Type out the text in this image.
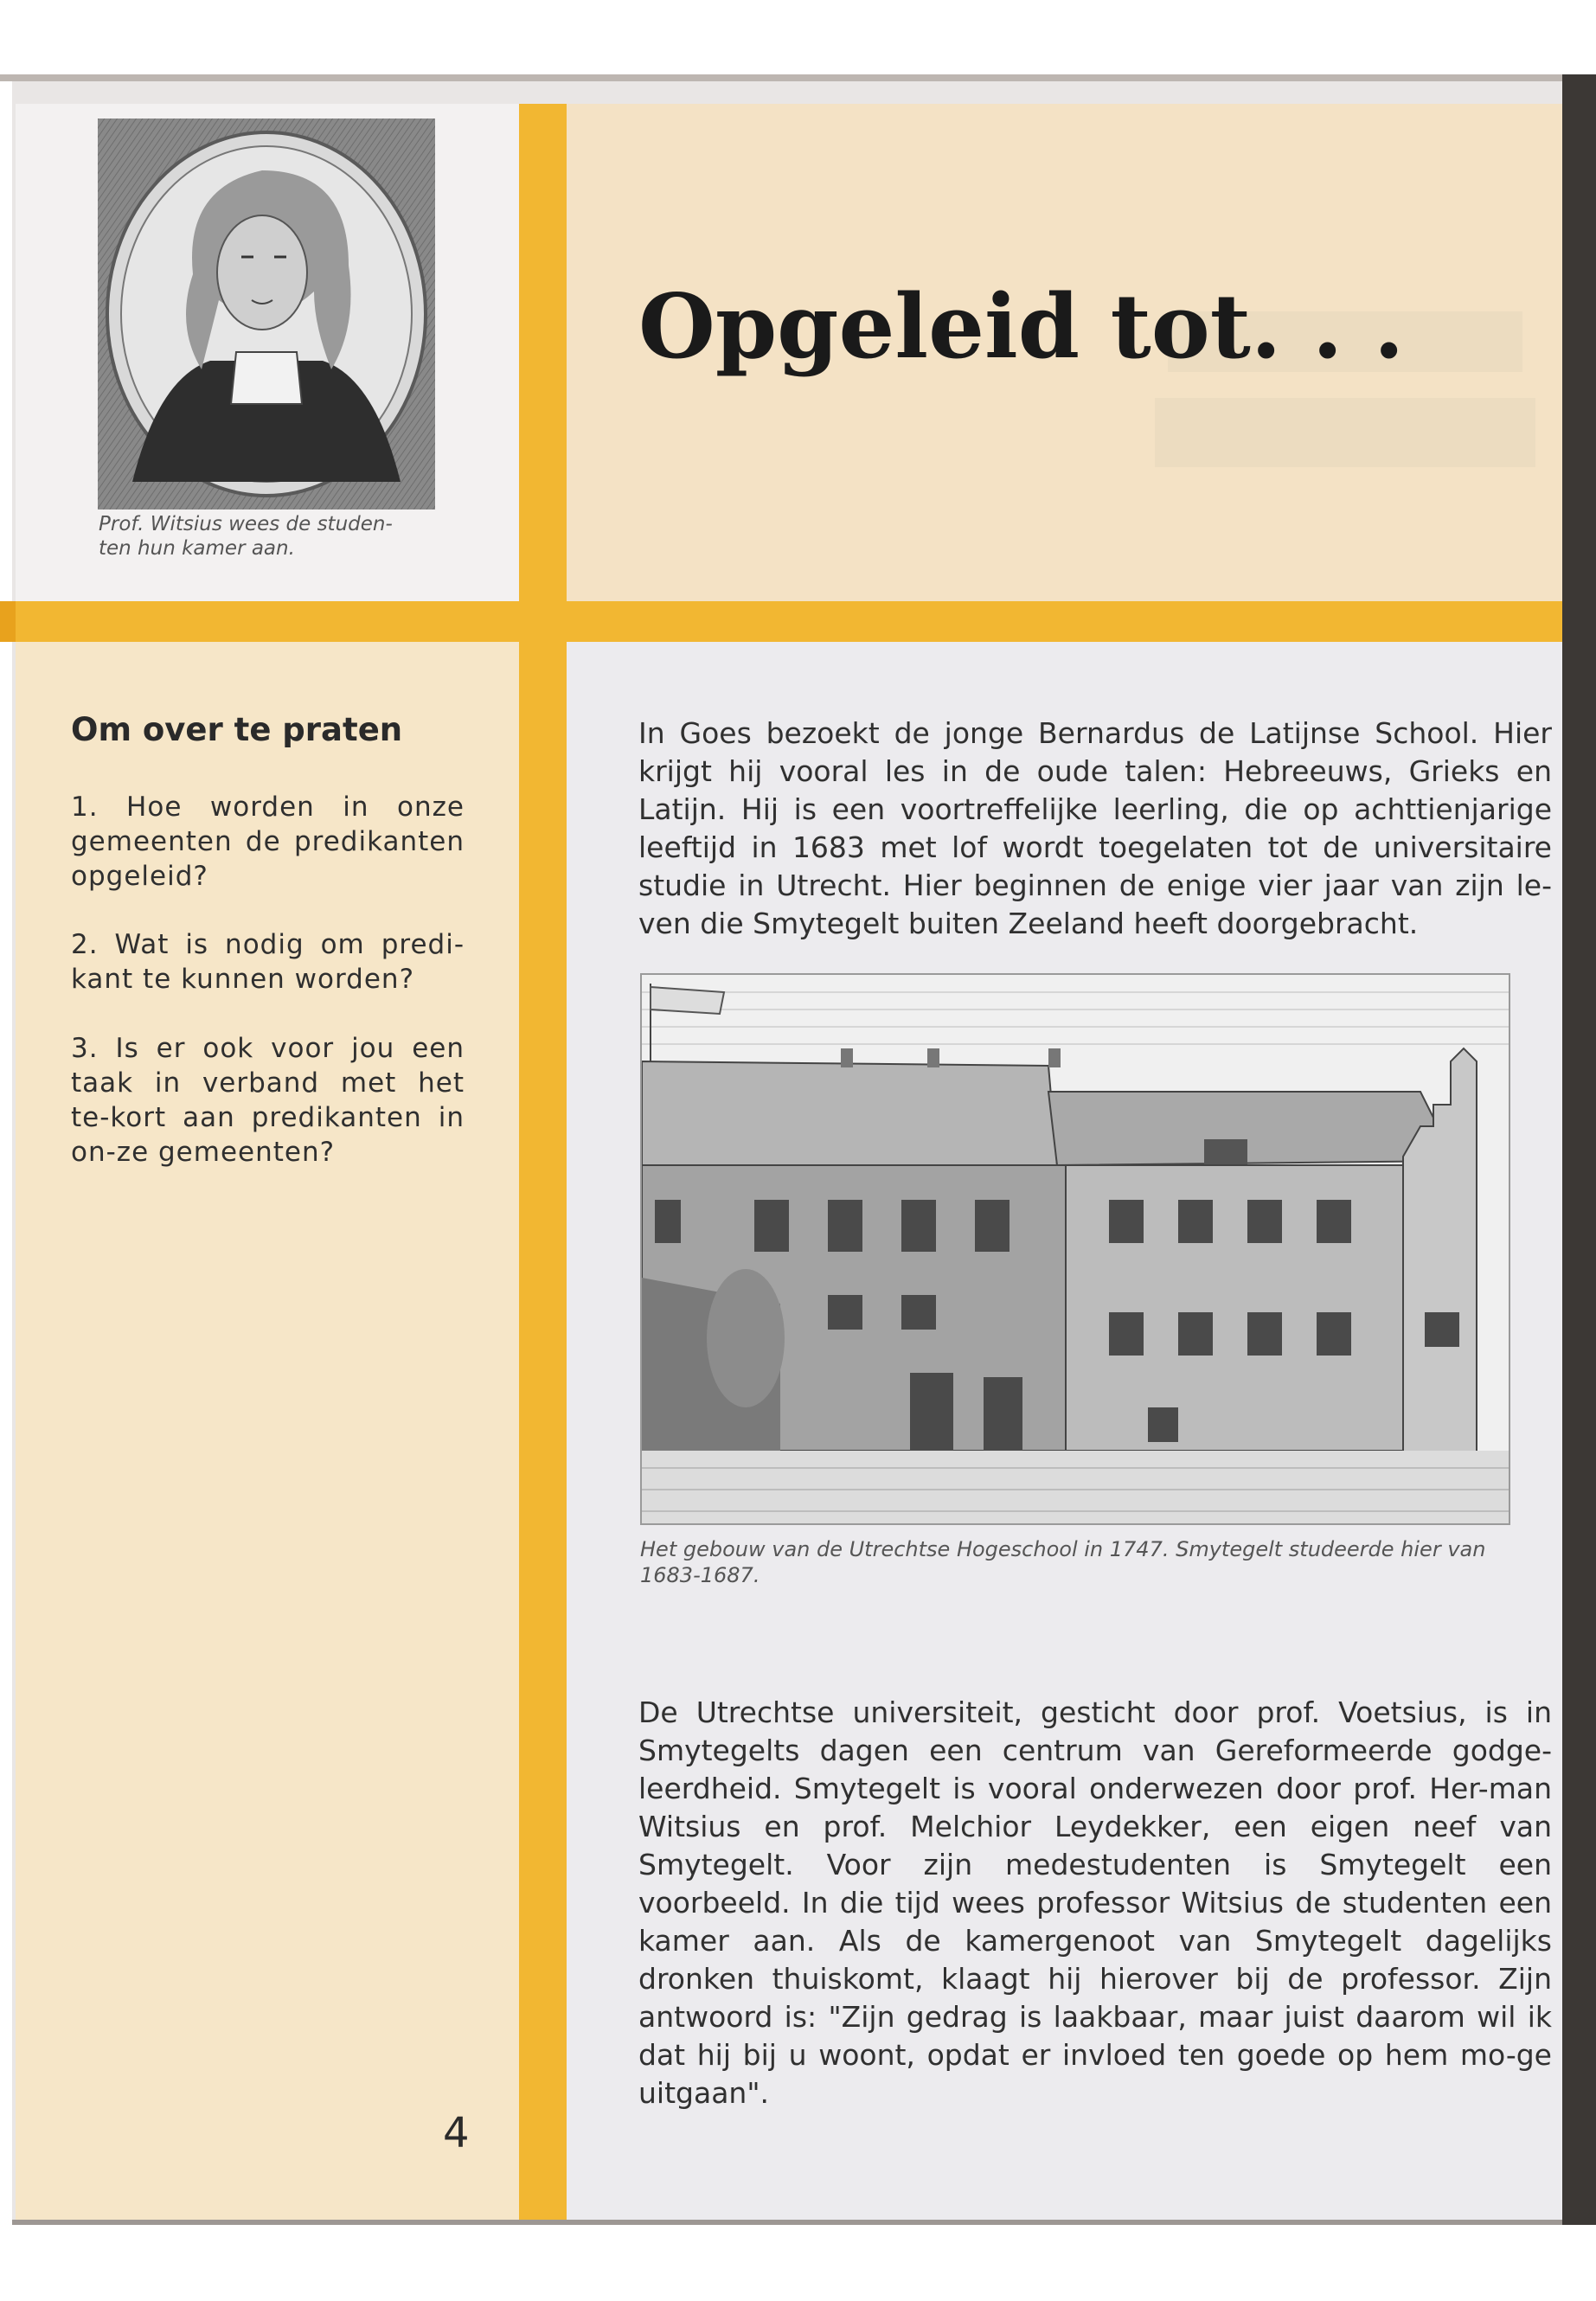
Prof. Witsius wees de studen-
ten hun kamer aan.

Opgeleid tot. . .
Om over te praten

1. Hoe worden in onze gemeenten de predikanten opgeleid?

2. Wat is nodig om predi-kant te kunnen worden?

3. Is er ook voor jou een taak in verband met het te-kort aan predikanten in on-ze gemeenten?

4

In Goes bezoekt de jonge Bernardus de Latijnse School. Hier krijgt hij vooral les in de oude talen: Hebreeuws, Grieks en Latijn. Hij is een voortreffelijke leerling, die op achttienjarige leeftijd in 1683 met lof wordt toegelaten tot de universitaire studie in Utrecht. Hier beginnen de enige vier jaar van zijn le-ven die Smytegelt buiten Zeeland heeft doorgebracht.

Het gebouw van de Utrechtse Hogeschool in 1747. Smytegelt studeerde hier van 1683-1687.

De Utrechtse universiteit, gesticht door prof. Voetsius, is in Smytegelts dagen een centrum van Gereformeerde godge-leerdheid. Smytegelt is vooral onderwezen door prof. Her-man Witsius en prof. Melchior Leydekker, een eigen neef van Smytegelt. Voor zijn medestudenten is Smytegelt een voorbeeld. In die tijd wees professor Witsius de studenten een kamer aan. Als de kamergenoot van Smytegelt dagelijks dronken thuiskomt, klaagt hij hierover bij de professor. Zijn antwoord is: "Zijn gedrag is laakbaar, maar juist daarom wil ik dat hij bij u woont, opdat er invloed ten goede op hem mo-ge uitgaan".
